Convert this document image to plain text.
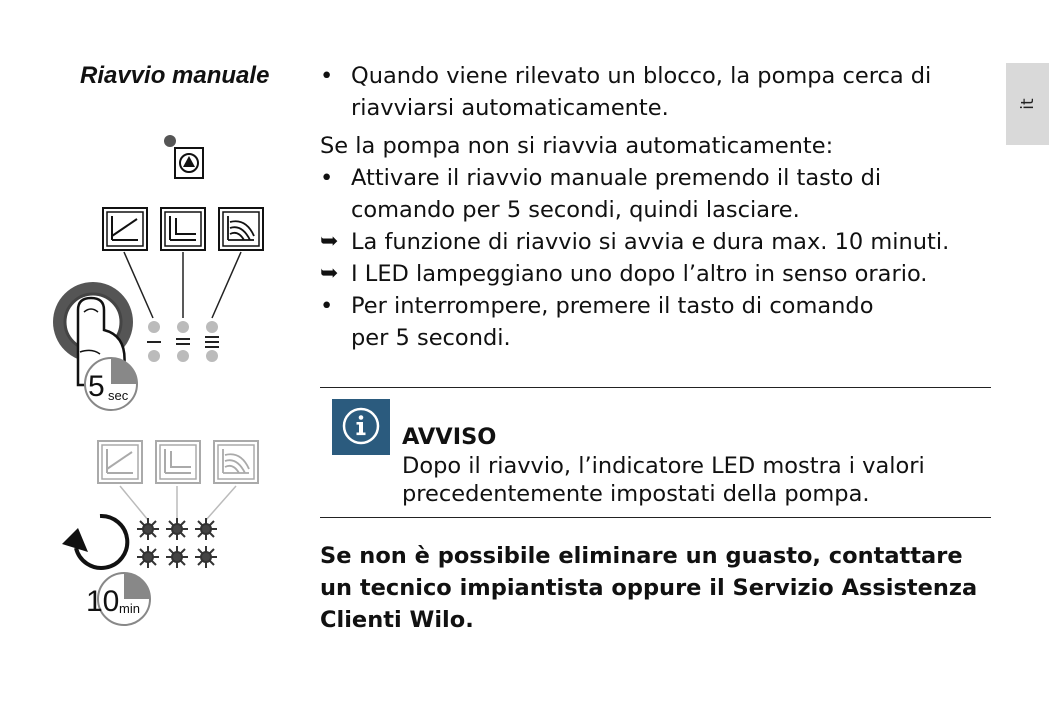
Riavvio manuale
it
• Quando viene rilevato un blocco, la pompa cerca di
riavviarsi automaticamente.
Se la pompa non si riavvia automaticamente:
• Attivare il riavvio manuale premendo il tasto di
comando per 5 secondi, quindi lasciare.
➥ La funzione di riavvio si avvia e dura max. 10 minuti.
➥ I LED lampeggiano uno dopo l’altro in senso orario.
• Per interrompere, premere il tasto di comando
per 5 secondi.
AVVISO
Dopo il riavvio, l’indicatore LED mostra i valori precedentemente impostati della pompa.
Se non è possibile eliminare un guasto, contattare un tecnico impiantista oppure il Servizio Assistenza Clienti Wilo.
5 sec
10 min
